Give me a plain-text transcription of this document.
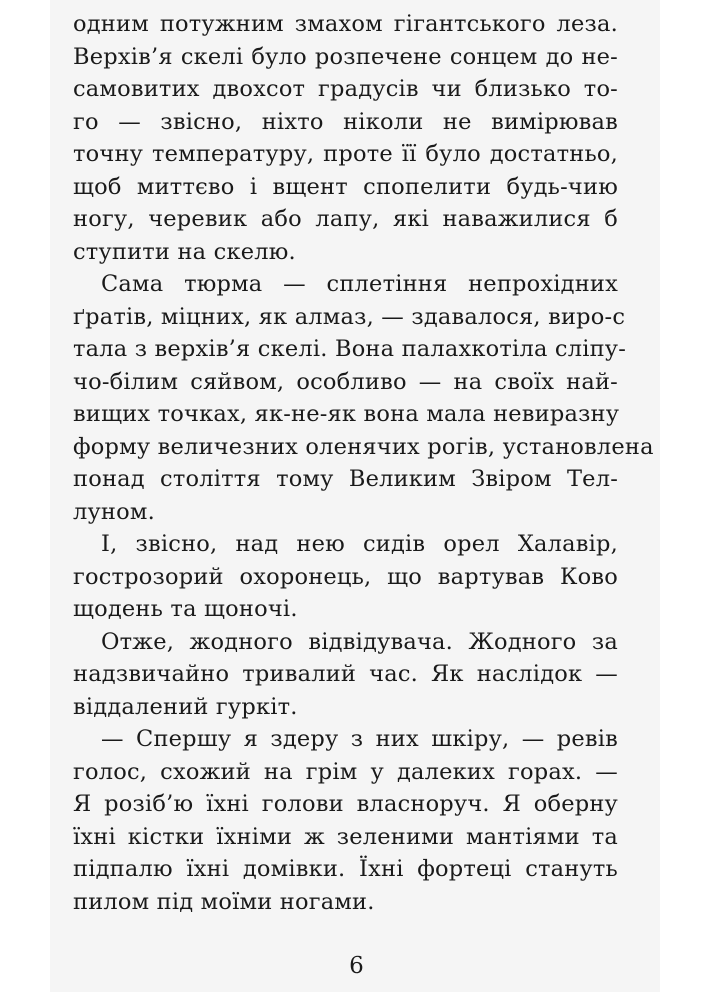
одним потужним змахом гігантського леза.
Верхів’я скелі було розпечене сонцем до не-
самовитих двохсот градусів чи близько то-
го — звісно, ніхто ніколи не вимірював
точну температуру, проте її було достатньо,
щоб миттєво і вщент спопелити будь-чию
ногу, черевик або лапу, які наважилися б
ступити на скелю.
Сама тюрма — сплетіння непрохідних
ґратів, міцних, як алмаз, — здавалося, виро-с
тала з верхів’я скелі. Вона палахкотіла сліпу-
чо-білим сяйвом, особливо — на своїх най-
вищих точках, як-не-як вона мала невиразну
форму величезних оленячих рогів, установлена
понад століття тому Великим Звіром Тел-
луном.
І, звісно, над нею сидів орел Халавір,
гострозорий охоронець, що вартував Ково
щодень та щоночі.
Отже, жодного відвідувача. Жодного за
надзвичайно тривалий час. Як наслідок —
віддалений гуркіт.
— Спершу я здеру з них шкіру, — ревів
голос, схожий на грім у далеких горах. —
Я розіб’ю їхні голови власноруч. Я оберну
їхні кістки їхніми ж зеленими мантіями та
підпалю їхні домівки. Їхні фортеці стануть
пилом під моїми ногами.
6
